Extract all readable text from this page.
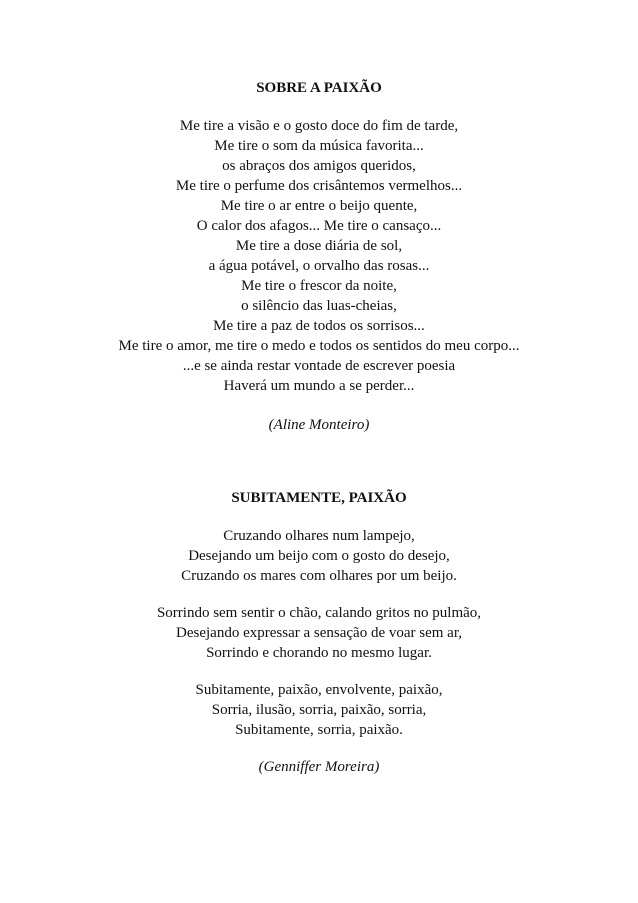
SOBRE A PAIXÃO
Me tire a visão e o gosto doce do fim de tarde,
Me tire o som da música favorita...
os abraços dos amigos queridos,
Me tire o perfume dos crisântemos vermelhos...
Me tire o ar entre o beijo quente,
O calor dos afagos... Me tire o cansaço...
Me tire a dose diária de sol,
a água potável, o orvalho das rosas...
Me tire o frescor da noite,
o silêncio das luas-cheias,
Me tire a paz de todos os sorrisos...
Me tire o amor, me tire o medo e todos os sentidos do meu corpo...
...e se ainda restar vontade de escrever poesia
Haverá um mundo a se perder...
(Aline Monteiro)
SUBITAMENTE, PAIXÃO
Cruzando olhares num lampejo,
Desejando um beijo com o gosto do desejo,
Cruzando os mares com olhares por um beijo.
Sorrindo sem sentir o chão, calando gritos no pulmão,
Desejando expressar a sensação de voar sem ar,
Sorrindo e chorando no mesmo lugar.
Subitamente, paixão, envolvente, paixão,
Sorria, ilusão, sorria, paixão, sorria,
Subitamente, sorria, paixão.
(Genniffer Moreira)
